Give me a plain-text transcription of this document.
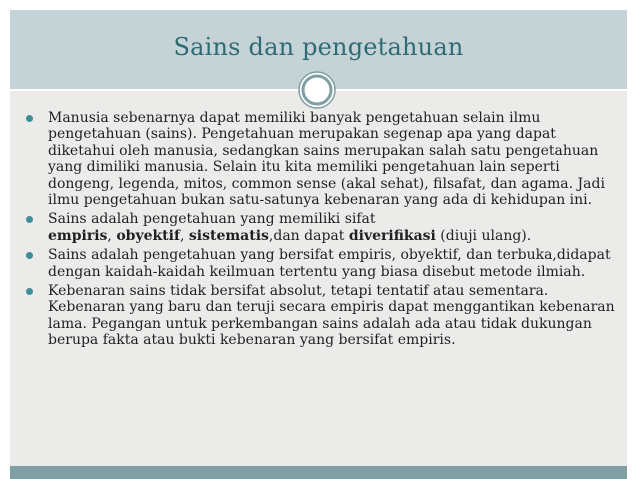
Sains dan pengetahuan
Manusia sebenarnya dapat memiliki banyak pengetahuan selain ilmu pengetahuan (sains). Pengetahuan merupakan segenap apa yang dapat diketahui oleh manusia, sedangkan sains merupakan salah satu pengetahuan yang dimiliki manusia. Selain itu kita memiliki pengetahuan lain seperti dongeng, legenda, mitos, common sense (akal sehat), filsafat, dan agama. Jadi ilmu pengetahuan bukan satu-satunya kebenaran yang ada di kehidupan ini.
Sains adalah pengetahuan yang memiliki sifat
empiris, obyektif, sistematis,dan dapat diverifikasi (diuji ulang).
Sains adalah pengetahuan yang bersifat empiris, obyektif, dan terbuka,didapat dengan kaidah-kaidah keilmuan tertentu yang biasa disebut metode ilmiah.
Kebenaran sains tidak bersifat absolut, tetapi tentatif atau sementara. Kebenaran yang baru dan teruji secara empiris dapat menggantikan kebenaran lama. Pegangan untuk perkembangan sains adalah ada atau tidak dukungan berupa fakta atau bukti kebenaran yang bersifat empiris.
